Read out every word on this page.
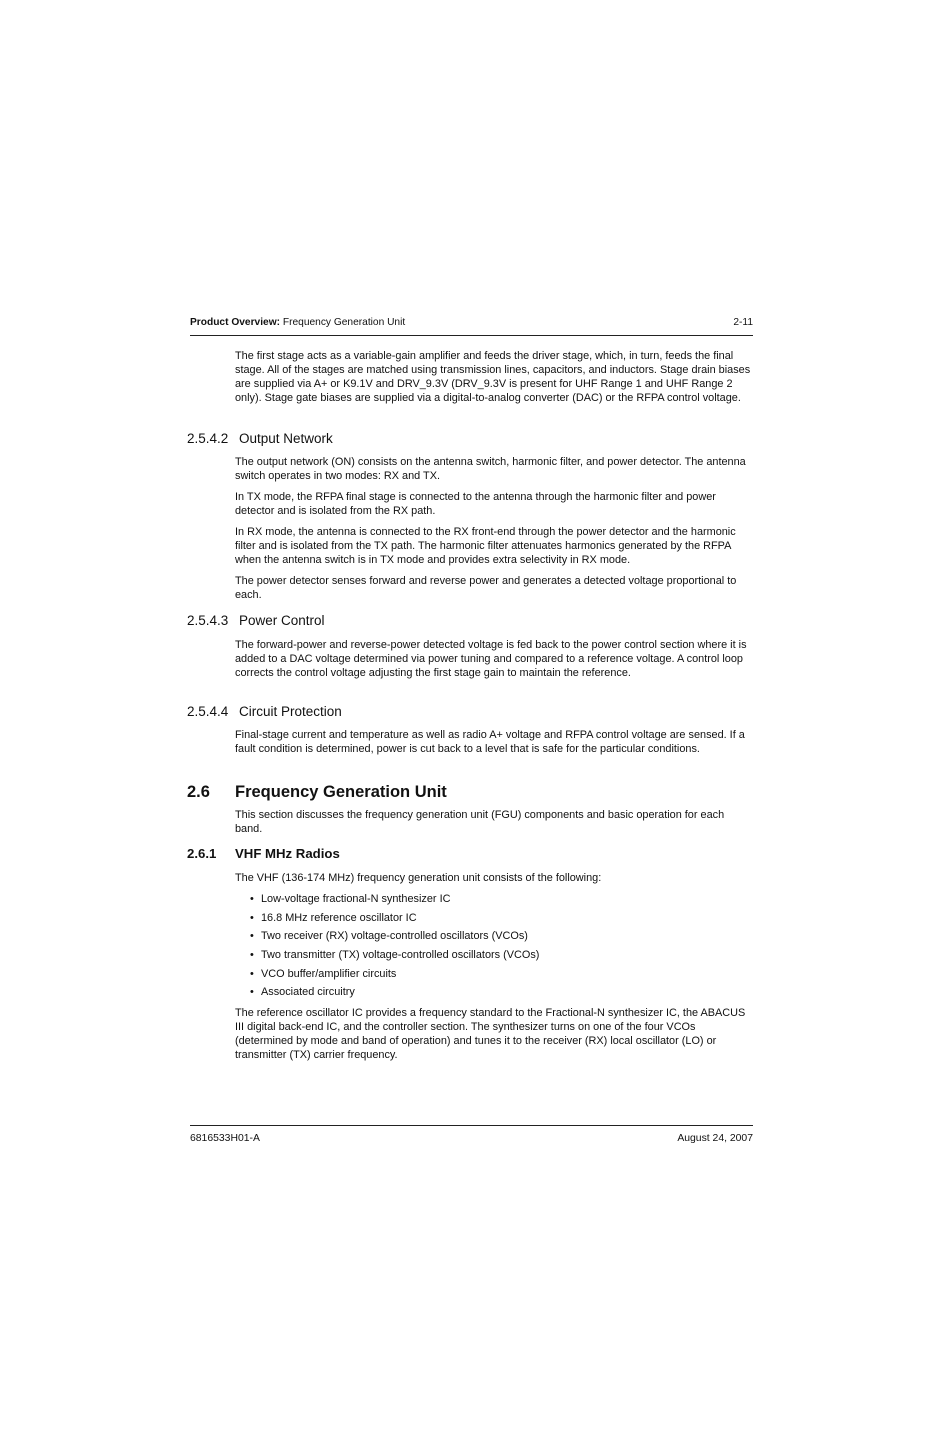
Product Overview: Frequency Generation Unit	2-11

The first stage acts as a variable-gain amplifier and feeds the driver stage, which, in turn, feeds the final stage. All of the stages are matched using transmission lines, capacitors, and inductors. Stage drain biases are supplied via A+ or K9.1V and DRV_9.3V (DRV_9.3V is present for UHF Range 1 and UHF Range 2 only). Stage gate biases are supplied via a digital-to-analog converter (DAC) or the RFPA control voltage.

2.5.4.2 Output Network

The output network (ON) consists on the antenna switch, harmonic filter, and power detector. The antenna switch operates in two modes: RX and TX.

In TX mode, the RFPA final stage is connected to the antenna through the harmonic filter and power detector and is isolated from the RX path.

In RX mode, the antenna is connected to the RX front-end through the power detector and the harmonic filter and is isolated from the TX path. The harmonic filter attenuates harmonics generated by the RFPA when the antenna switch is in TX mode and provides extra selectivity in RX mode.

The power detector senses forward and reverse power and generates a detected voltage proportional to each.

2.5.4.3 Power Control

The forward-power and reverse-power detected voltage is fed back to the power control section where it is added to a DAC voltage determined via power tuning and compared to a reference voltage. A control loop corrects the control voltage adjusting the first stage gain to maintain the reference.

2.5.4.4 Circuit Protection

Final-stage current and temperature as well as radio A+ voltage and RFPA control voltage are sensed. If a fault condition is determined, power is cut back to a level that is safe for the particular conditions.

2.6 Frequency Generation Unit

This section discusses the frequency generation unit (FGU) components and basic operation for each band.

2.6.1 VHF MHz Radios

The VHF (136-174 MHz) frequency generation unit consists of the following:

• Low-voltage fractional-N synthesizer IC
• 16.8 MHz reference oscillator IC
• Two receiver (RX) voltage-controlled oscillators (VCOs)
• Two transmitter (TX) voltage-controlled oscillators (VCOs)
• VCO buffer/amplifier circuits
• Associated circuitry

The reference oscillator IC provides a frequency standard to the Fractional-N synthesizer IC, the ABACUS III digital back-end IC, and the controller section. The synthesizer turns on one of the four VCOs (determined by mode and band of operation) and tunes it to the receiver (RX) local oscillator (LO) or transmitter (TX) carrier frequency.

6816533H01-A	August 24, 2007
